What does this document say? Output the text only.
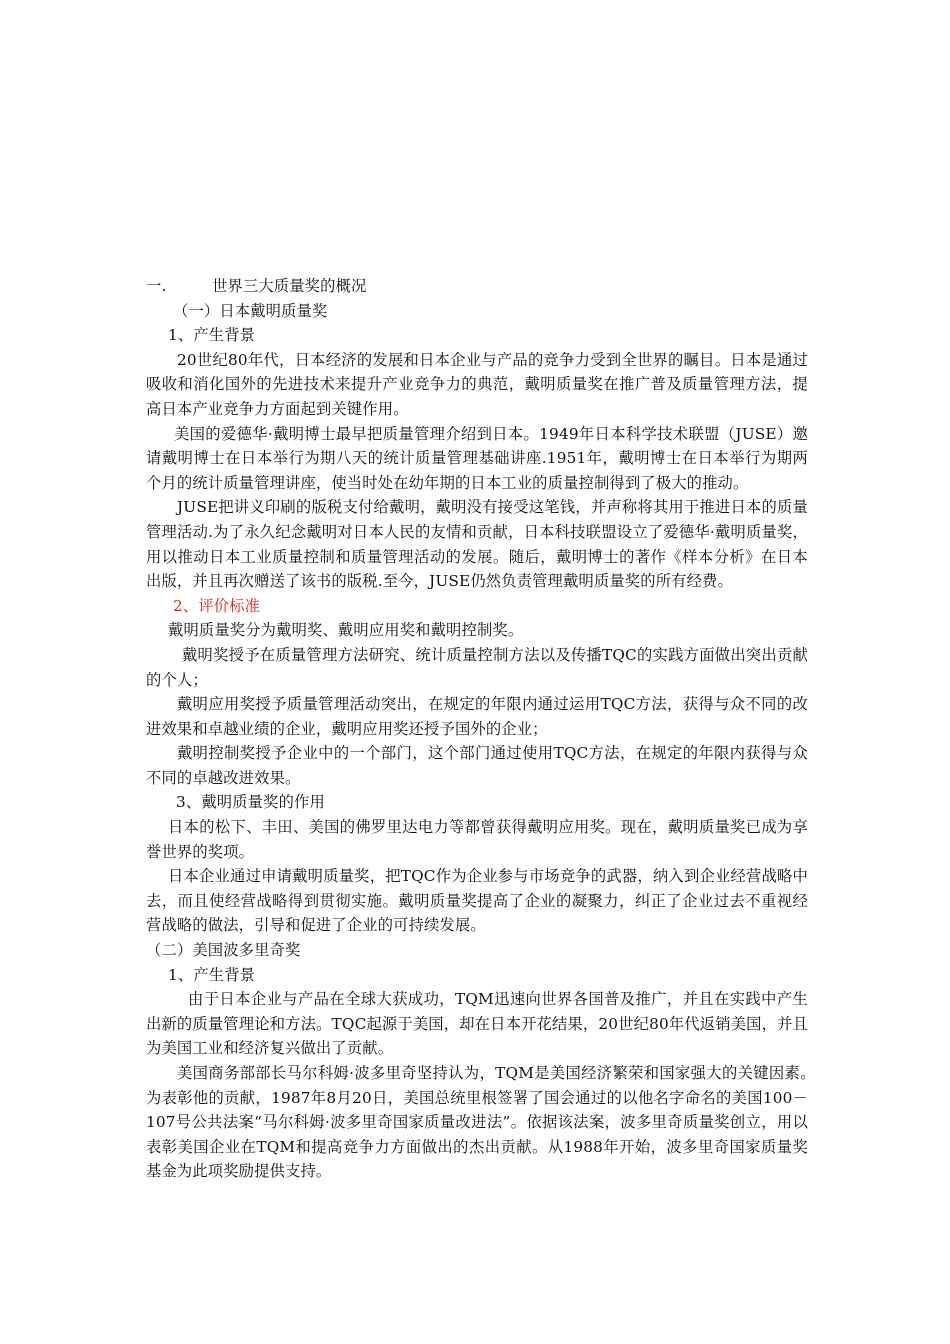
一.	世界三大质量奖的概况
（一）日本戴明质量奖
1、产生背景

20世纪80年代，日本经济的发展和日本企业与产品的竞争力受到全世界的瞩目。日本是通过吸收和消化国外的先进技术来提升产业竞争力的典范，戴明质量奖在推广普及质量管理方法，提高日本产业竞争力方面起到关键作用。

美国的爱德华·戴明博士最早把质量管理介绍到日本。1949年日本科学技术联盟（JUSE）邀请戴明博士在日本举行为期八天的统计质量管理基础讲座.1951年，戴明博士在日本举行为期两个月的统计质量管理讲座，使当时处在幼年期的日本工业的质量控制得到了极大的推动。

JUSE把讲义印刷的版税支付给戴明，戴明没有接受这笔钱，并声称将其用于推进日本的质量管理活动.为了永久纪念戴明对日本人民的友情和贡献，日本科技联盟设立了爱德华·戴明质量奖，用以推动日本工业质量控制和质量管理活动的发展。随后，戴明博士的著作《样本分析》在日本出版，并且再次赠送了该书的版税.至今，JUSE仍然负责管理戴明质量奖的所有经费。

2、评价标准

戴明质量奖分为戴明奖、戴明应用奖和戴明控制奖。

戴明奖授予在质量管理方法研究、统计质量控制方法以及传播TQC的实践方面做出突出贡献的个人；

戴明应用奖授予质量管理活动突出，在规定的年限内通过运用TQC方法，获得与众不同的改进效果和卓越业绩的企业，戴明应用奖还授予国外的企业；

戴明控制奖授予企业中的一个部门，这个部门通过使用TQC方法，在规定的年限内获得与众不同的卓越改进效果。

3、戴明质量奖的作用

日本的松下、丰田、美国的佛罗里达电力等都曾获得戴明应用奖。现在，戴明质量奖已成为享誉世界的奖项。

日本企业通过申请戴明质量奖，把TQC作为企业参与市场竞争的武器，纳入到企业经营战略中去，而且使经营战略得到贯彻实施。戴明质量奖提高了企业的凝聚力，纠正了企业过去不重视经营战略的做法，引导和促进了企业的可持续发展。

（二）美国波多里奇奖
1、产生背景

由于日本企业与产品在全球大获成功，TQM迅速向世界各国普及推广，并且在实践中产生出新的质量管理论和方法。TQC起源于美国，却在日本开花结果，20世纪80年代返销美国，并且为美国工业和经济复兴做出了贡献。

美国商务部部长马尔科姆·波多里奇坚持认为，TQM是美国经济繁荣和国家强大的关键因素。　为表彰他的贡献，1987年8月20日，美国总统里根签署了国会通过的以他名字命名的美国100－107号公共法案“马尔科姆·波多里奇国家质量改进法”。依据该法案，波多里奇质量奖创立，用以表彰美国企业在TQM和提高竞争力方面做出的杰出贡献。从1988年开始，波多里奇国家质量奖基金为此项奖励提供支持。
